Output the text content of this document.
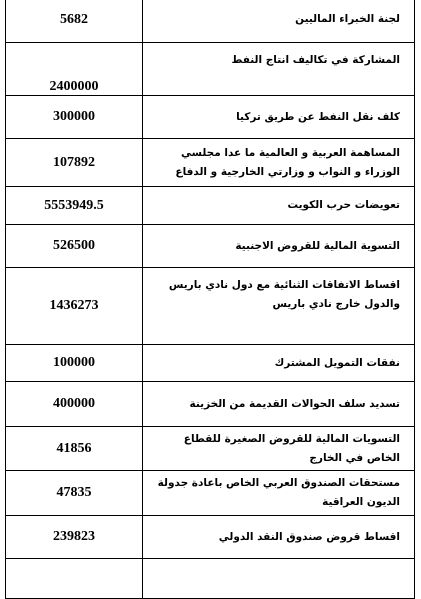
5682	لجنة الخبراء الماليين
2400000	المشاركة في تكاليف انتاج النفط
300000	كلف نقل النفط عن طريق تركيا
107892	المساهمة العربية و العالمية ما عدا مجلسي الوزراء و النواب و وزارتي الخارجية و الدفاع
5553949.5	تعويضات حرب الكويت
526500	التسوية المالية للقروض الاجنبية
1436273	اقساط الاتفاقات الثنائية مع دول نادي باريس والدول خارج نادي باريس
100000	نفقات التمويل المشترك
400000	تسديد سلف الحوالات القديمة من الخزينة
41856	التسويات المالية للقروض الصغيرة للقطاع الخاص في الخارج
47835	مستحقات الصندوق العربي الخاص باعادة جدولة الديون العراقية
239823	اقساط قروض صندوق النقد الدولي
